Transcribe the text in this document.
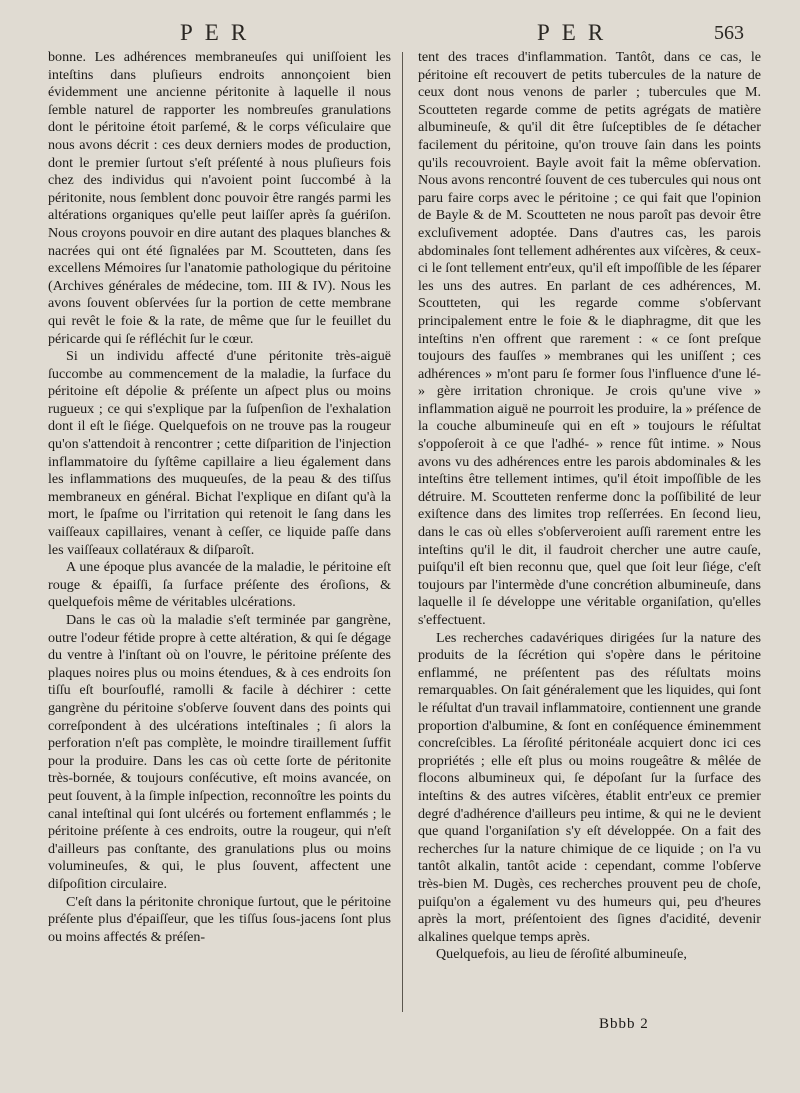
PER	PER	563

bonne. Les adhérences membraneuſes qui uniſſoient les inteſtins dans pluſieurs endroits annonçoient bien évidemment une ancienne péritonite à laquelle il nous ſemble naturel de rapporter les nombreuſes granulations dont le péritoine étoit parſemé, & le corps véſiculaire que nous avons décrit : ces deux derniers modes de production, dont le premier ſurtout s'eſt préſenté à nous pluſieurs fois chez des individus qui n'avoient point ſuccombé à la péritonite, nous ſemblent donc pouvoir être rangés parmi les altérations organiques qu'elle peut laiſſer après ſa guériſon. Nous croyons pouvoir en dire autant des plaques blanches & nacrées qui ont été ſignalées par M. Scoutteten, dans ſes excellens Mémoires ſur l'anatomie pathologique du péritoine (Archives générales de médecine, tom. III & IV). Nous les avons ſouvent obſervées ſur la portion de cette membrane qui revêt le foie & la rate, de même que ſur le feuillet du péricarde qui ſe réfléchit ſur le cœur.

Si un individu affecté d'une péritonite très-aiguë ſuccombe au commencement de la maladie, la ſurface du péritoine eſt dépolie & préſente un aſpect plus ou moins rugueux ; ce qui s'explique par la ſuſpenſion de l'exhalation dont il eſt le ſiége. Quelquefois on ne trouve pas la rougeur qu'on s'attendoit à rencontrer ; cette diſparition de l'injection inflammatoire du ſyſtême capillaire a lieu également dans les inflammations des muqueuſes, de la peau & des tiſſus membraneux en général. Bichat l'explique en diſant qu'à la mort, le ſpaſme ou l'irritation qui retenoit le ſang dans les vaiſſeaux capillaires, venant à ceſſer, ce liquide paſſe dans les vaiſſeaux collatéraux & diſparoît.

A une époque plus avancée de la maladie, le péritoine eſt rouge & épaiſſi, ſa ſurface préſente des éroſions, & quelquefois même de véritables ulcérations.

Dans le cas où la maladie s'eſt terminée par gangrène, outre l'odeur fétide propre à cette altération, & qui ſe dégage du ventre à l'inſtant où on l'ouvre, le péritoine préſente des plaques noires plus ou moins étendues, & à ces endroits ſon tiſſu eſt bourſouflé, ramolli & facile à déchirer : cette gangrène du péritoine s'obſerve ſouvent dans des points qui correſpondent à des ulcérations inteſtinales ; ſi alors la perforation n'eſt pas complète, le moindre tiraillement ſuffit pour la produire. Dans les cas où cette ſorte de péritonite très-bornée, & toujours conſécutive, eſt moins avancée, on peut ſouvent, à la ſimple inſpection, reconnoître les points du canal inteſtinal qui ſont ulcérés ou fortement enflammés ; le péritoine préſente à ces endroits, outre la rougeur, qui n'eſt d'ailleurs pas conſtante, des granulations plus ou moins volumineuſes, & qui, le plus ſouvent, affectent une diſpoſition circulaire.

C'eſt dans la péritonite chronique ſurtout, que le péritoine préſente plus d'épaiſſeur, que les tiſſus ſous-jacens ſont plus ou moins affectés & préſen-

tent des traces d'inflammation. Tantôt, dans ce cas, le péritoine eſt recouvert de petits tubercules de la nature de ceux dont nous venons de parler ; tubercules que M. Scoutteten regarde comme de petits agrégats de matière albumineuſe, & qu'il dit être ſuſceptibles de ſe détacher facilement du péritoine, qu'on trouve ſain dans les points qu'ils recouvroient. Bayle avoit fait la même obſervation. Nous avons rencontré ſouvent de ces tubercules qui nous ont paru faire corps avec le péritoine ; ce qui fait que l'opinion de Bayle & de M. Scoutteten ne nous paroît pas devoir être excluſivement adoptée. Dans d'autres cas, les parois abdominales ſont tellement adhérentes aux viſcères, & ceux-ci le ſont tellement entr'eux, qu'il eſt impoſſible de les ſéparer les uns des autres. En parlant de ces adhérences, M. Scoutteten, qui les regarde comme s'obſervant principalement entre le foie & le diaphragme, dit que les inteſtins n'en offrent que rarement : « ce ſont preſque toujours des fauſſes » membranes qui les uniſſent ; ces adhérences » m'ont paru ſe former ſous l'influence d'une lé- » gère irritation chronique. Je crois qu'une vive » inflammation aiguë ne pourroit les produire, la » préſence de la couche albumineuſe qui en eſt » toujours le réſultat s'oppoſeroit à ce que l'adhé- » rence fût intime. » Nous avons vu des adhérences entre les parois abdominales & les inteſtins être tellement intimes, qu'il étoit impoſſible de les détruire. M. Scoutteten renferme donc la poſſibilité de leur exiſtence dans des limites trop reſſerrées. En ſecond lieu, dans le cas où elles s'obſerveroient auſſi rarement entre les inteſtins qu'il le dit, il faudroit chercher une autre cauſe, puiſqu'il eſt bien reconnu que, quel que ſoit leur ſiége, c'eſt toujours par l'intermède d'une concrétion albumineuſe, dans laquelle il ſe développe une véritable organiſation, qu'elles s'effectuent.

Les recherches cadavériques dirigées ſur la nature des produits de la ſécrétion qui s'opère dans le péritoine enflammé, ne préſentent pas des réſultats moins remarquables. On ſait généralement que les liquides, qui ſont le réſultat d'un travail inflammatoire, contiennent une grande proportion d'albumine, & ſont en conſéquence éminemment concreſcibles. La ſéroſité péritonéale acquiert donc ici ces propriétés ; elle eſt plus ou moins rougeâtre & mêlée de flocons albumineux qui, ſe dépoſant ſur la ſurface des inteſtins & des autres viſcères, établit entr'eux ce premier degré d'adhérence d'ailleurs peu intime, & qui ne le devient que quand l'organiſation s'y eſt développée. On a fait des recherches ſur la nature chimique de ce liquide ; on l'a vu tantôt alkalin, tantôt acide : cependant, comme l'obſerve très-bien M. Dugès, ces recherches prouvent peu de choſe, puiſqu'on a également vu des humeurs qui, peu d'heures après la mort, préſentoient des ſignes d'acidité, devenir alkalines quelque temps après.

Quelquefois, au lieu de ſéroſité albumineuſe,

Bbbb 2
